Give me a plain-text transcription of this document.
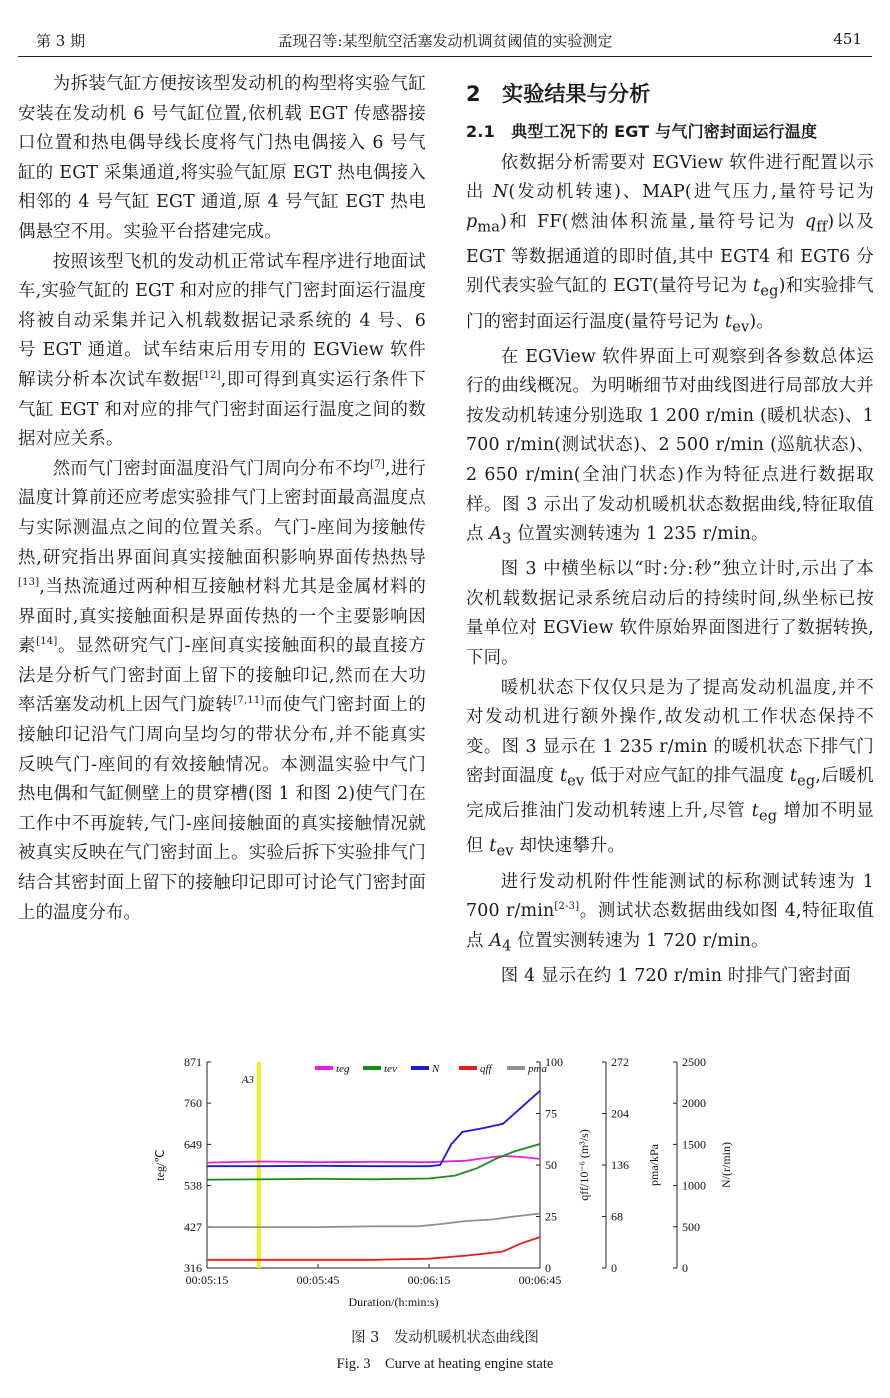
第 3 期	孟现召等:某型航空活塞发动机调贫阈值的实验测定	451

为拆装气缸方便按该型发动机的构型将实验气缸安装在发动机 6 号气缸位置,依机载 EGT 传感器接口位置和热电偶导线长度将气门热电偶接入 6 号气缸的 EGT 采集通道,将实验气缸原 EGT 热电偶接入相邻的 4 号气缸 EGT 通道,原 4 号气缸 EGT 热电偶悬空不用。实验平台搭建完成。

按照该型飞机的发动机正常试车程序进行地面试车,实验气缸的 EGT 和对应的排气门密封面运行温度将被自动采集并记入机载数据记录系统的 4 号、6 号 EGT 通道。试车结束后用专用的 EGView 软件解读分析本次试车数据[12],即可得到真实运行条件下气缸 EGT 和对应的排气门密封面运行温度之间的数据对应关系。

然而气门密封面温度沿气门周向分布不均[7],进行温度计算前还应考虑实验排气门上密封面最高温度点与实际测温点之间的位置关系。气门-座间为接触传热,研究指出界面间真实接触面积影响界面传热热导[13],当热流通过两种相互接触材料尤其是金属材料的界面时,真实接触面积是界面传热的一个主要影响因素[14]。显然研究气门-座间真实接触面积的最直接方法是分析气门密封面上留下的接触印记,然而在大功率活塞发动机上因气门旋转[7,11]而使气门密封面上的接触印记沿气门周向呈均匀的带状分布,并不能真实反映气门-座间的有效接触情况。本测温实验中气门热电偶和气缸侧壁上的贯穿槽(图 1 和图 2)使气门在工作中不再旋转,气门-座间接触面的真实接触情况就被真实反映在气门密封面上。实验后拆下实验排气门结合其密封面上留下的接触印记即可讨论气门密封面上的温度分布。

2　实验结果与分析

2.1　典型工况下的 EGT 与气门密封面运行温度

依数据分析需要对 EGView 软件进行配置以示出 N(发动机转速)、MAP(进气压力,量符号记为 $p_{ma}$)和 FF(燃油体积流量,量符号记为 $q_{ff}$)以及 EGT 等数据通道的即时值,其中 EGT4 和 EGT6 分别代表实验气缸的 EGT(量符号记为 $t_{eg}$)和实验排气门的密封面运行温度(量符号记为 $t_{ev}$)。

在 EGView 软件界面上可观察到各参数总体运行的曲线概况。为明晰细节对曲线图进行局部放大并按发动机转速分别选取 1 200 r/min (暖机状态)、1 700 r/min(测试状态)、2 500 r/min (巡航状态)、2 650 r/min(全油门状态)作为特征点进行数据取样。图 3 示出了发动机暖机状态数据曲线,特征取值点 $A_3$ 位置实测转速为 1 235 r/min。

图 3 中横坐标以“时:分:秒”独立计时,示出了本次机载数据记录系统启动后的持续时间,纵坐标已按量单位对 EGView 软件原始界面图进行了数据转换,下同。

暖机状态下仅仅只是为了提高发动机温度,并不对发动机进行额外操作,故发动机工作状态保持不变。图 3 显示在 1 235 r/min 的暖机状态下排气门密封面温度 $t_{ev}$ 低于对应气缸的排气温度 $t_{eg}$,后暖机完成后推油门发动机转速上升,尽管 $t_{eg}$ 增加不明显但 $t_{ev}$ 却快速攀升。

进行发动机附件性能测试的标称测试转速为 1 700 r/min[2-3]。测试状态数据曲线如图 4,特征取值点 $A_4$ 位置实测转速为 1 720 r/min。

图 4 显示在约 1 720 r/min 时排气门密封面

316
427
538
649
760
871
teg/℃
00:05:15	00:05:45	00:06:15	00:06:45
Duration/(h:min:s)
0
25
50
75
100
0
68
136
204
272
0
500
1000
1500
2000
2500
qff/10⁻⁶ (m³/s)	pma/kPa	N/(r/min)
A3
teg	tev	N	qff	pma
图 3　发动机暖机状态曲线图
Fig. 3　Curve at heating engine state
